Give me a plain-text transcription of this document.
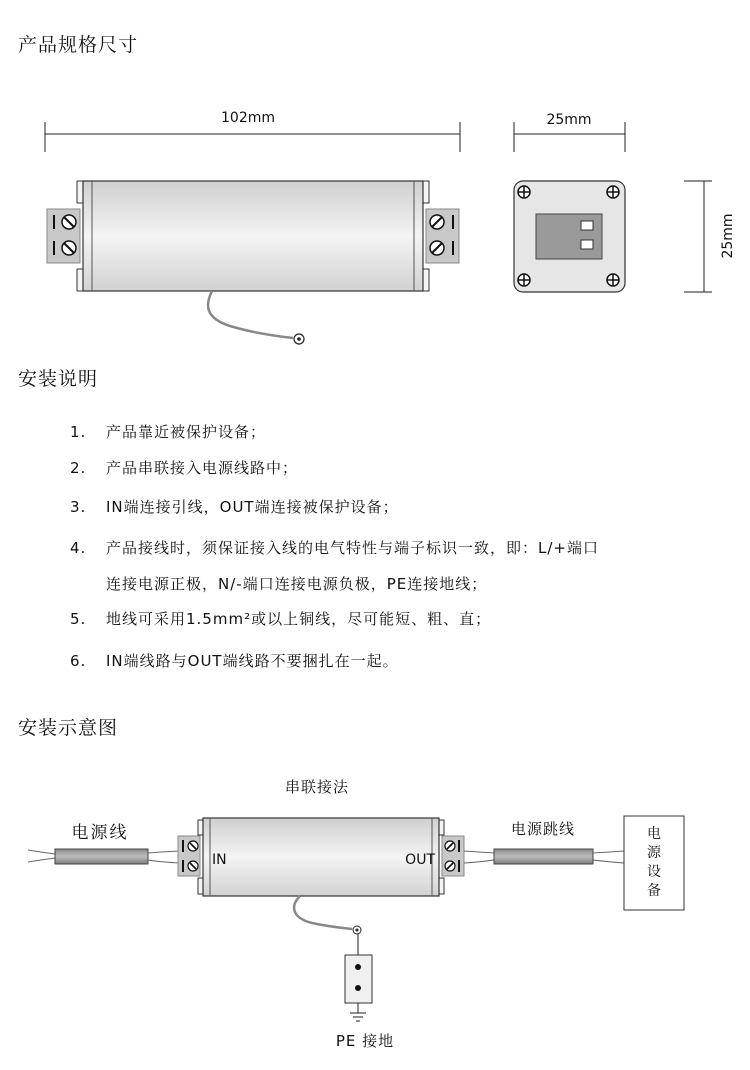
产品规格尺寸
安装说明
安装示意图
1.	产品靠近被保护设备；
2.	产品串联接入电源线路中；
3.	IN端连接引线，OUT端连接被保护设备；
4.	产品接线时，须保证接入线的电气特性与端子标识一致，即：L/+端口
连接电源正极，N/-端口连接电源负极，PE连接地线；
5.	地线可采用1.5mm²或以上铜线，尽可能短、粗、直；
6.	IN端线路与OUT端线路不要捆扎在一起。
102mm	25mm
25mm
串联接法
电源线
IN	OUT
电源跳线	电
源
设
备
PE 接地
